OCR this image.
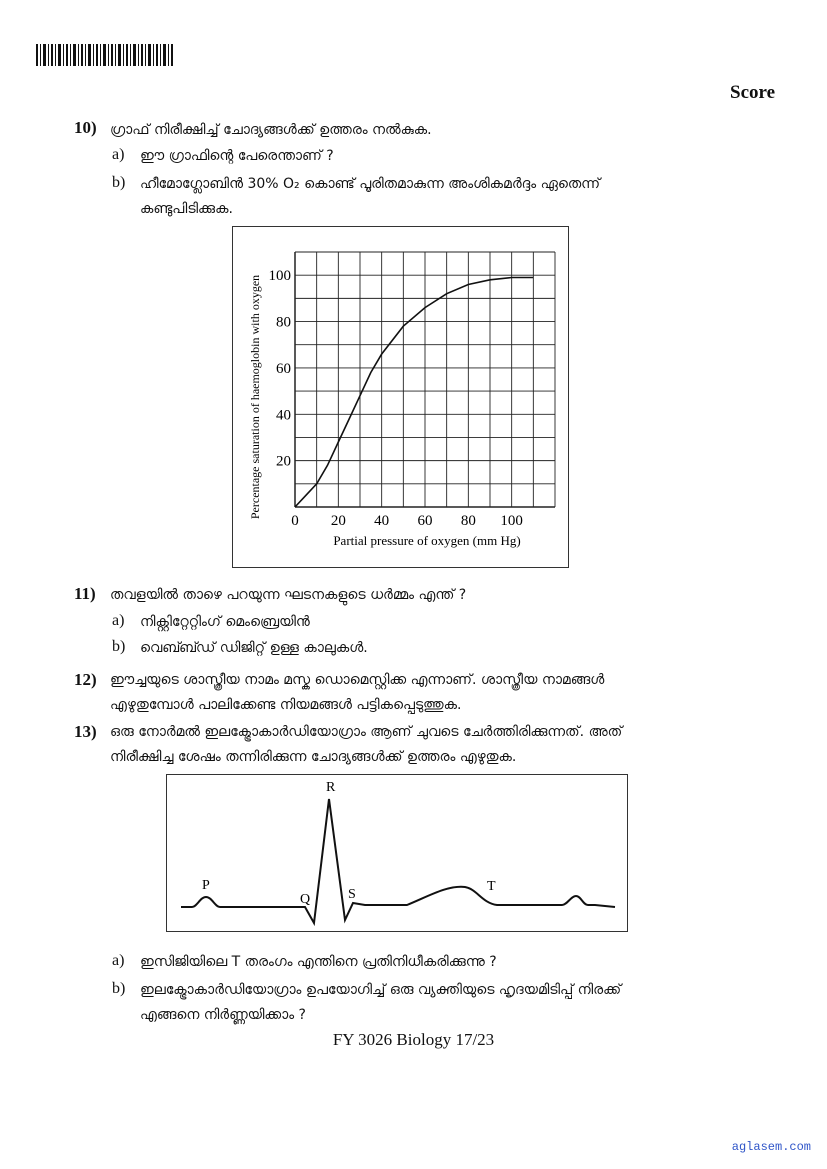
Score
10) ഗ്രാഫ് നിരീക്ഷിച്ച് ചോദ്യങ്ങൾക്ക് ഉത്തരം നൽകുക.
a) ഈ ഗ്രാഫിന്റെ പേരെന്താണ് ?
b) ഹീമോഗ്ലോബിൻ 30% O₂ കൊണ്ട് പൂരിതമാകുന്ന അംശികമർദ്ദം ഏതെന്ന്
കണ്ടുപിടിക്കുക.
20
40
60
80
100
0 20 40 60 80 100
Partial pressure of oxygen (mm Hg)
Percentage saturation of haemoglobin with oxygen
11) തവളയിൽ താഴെ പറയുന്ന ഘടനകളുടെ ധർമ്മം എന്ത് ?
a) നിക്റ്റിറ്റേറ്റിംഗ് മെംബ്രെയിൻ
b) വെബ്ബ്ഡ് ഡിജിറ്റ് ഉള്ള കാലുകൾ.
12) ഈച്ചയുടെ ശാസ്ത്രീയ നാമം മസ്ക ഡൊമെസ്റ്റിക്ക എന്നാണ്. ശാസ്ത്രീയ നാമങ്ങൾ
എഴുതുമ്പോൾ പാലിക്കേണ്ട നിയമങ്ങൾ പട്ടികപ്പെടുത്തുക.
13) ഒരു നോർമൽ ഇലക്ട്രോകാർഡിയോഗ്രാം ആണ് ചുവടെ ചേർത്തിരിക്കുന്നത്. അത്
നിരീക്ഷിച്ച ശേഷം തന്നിരിക്കുന്ന ചോദ്യങ്ങൾക്ക് ഉത്തരം എഴുതുക.
P
Q
R
S
T
a) ഇസിജിയിലെ T തരംഗം എന്തിനെ പ്രതിനിധീകരിക്കുന്നു ?
b) ഇലക്ട്രോകാർഡിയോഗ്രാം ഉപയോഗിച്ച് ഒരു വ്യക്തിയുടെ ഹൃദയമിടിപ്പ് നിരക്ക്
എങ്ങനെ നിർണ്ണയിക്കാം ?
FY 3026 Biology 17/23
aglasem.com
